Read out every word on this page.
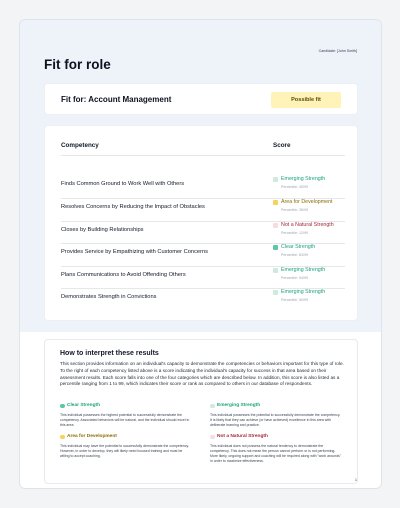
Candidate: [John Smith]
Fit for role
Fit for: Account Management	Possible fit
Competency	Score
Finds Common Ground to Work Well with Others
Emerging Strength
Percentile: 45/99
Resolves Concerns by Reducing the Impact of Obstacles
Area for Development
Percentile: 36/99
Closes by Building Relationships
Not a Natural Strength
Percentile: 12/99
Provides Service by Empathizing with Customer Concerns
Clear Strength
Percentile: 83/99
Plans Communications to Avoid Offending Others
Emerging Strength
Percentile: 54/99
Demonstrates Strength in Convictions
Emerging Strength
Percentile: 50/99
How to interpret these results
This section provides information on an individual's capacity to demonstrate the competencies or behaviors important for this type of role. To the right of each competency listed above is a score indicating the individual's capacity for success in that area based on their assessment results. Each score falls into one of the four categories which are described below. In addition, this score is also listed as a percentile ranging from 1 to 99, which indicates their score or rank as compared to others in our database of respondents.
Clear Strength
This individual possesses the highest potential to successfully demonstrate the competency. Associated behaviors will be natural, and the individual should excel in this area.
Emerging Strength
This individual possesses the potential to successfully demonstrate the competency. It is likely that they can achieve (or have achieved) excellence in this area with deliberate learning and practice.
Area for Development
This individual may have the potential to successfully demonstrate the competency. However, in order to develop, they will likely need focused training and must be willing to accept coaching.
Not a Natural Strength
This individual does not possess the natural tendency to demonstrate the competency. This does not mean the person cannot perform or is not performing. More likely, ongoing support and coaching will be required along with "work arounds" in order to maximize effectiveness.
1
